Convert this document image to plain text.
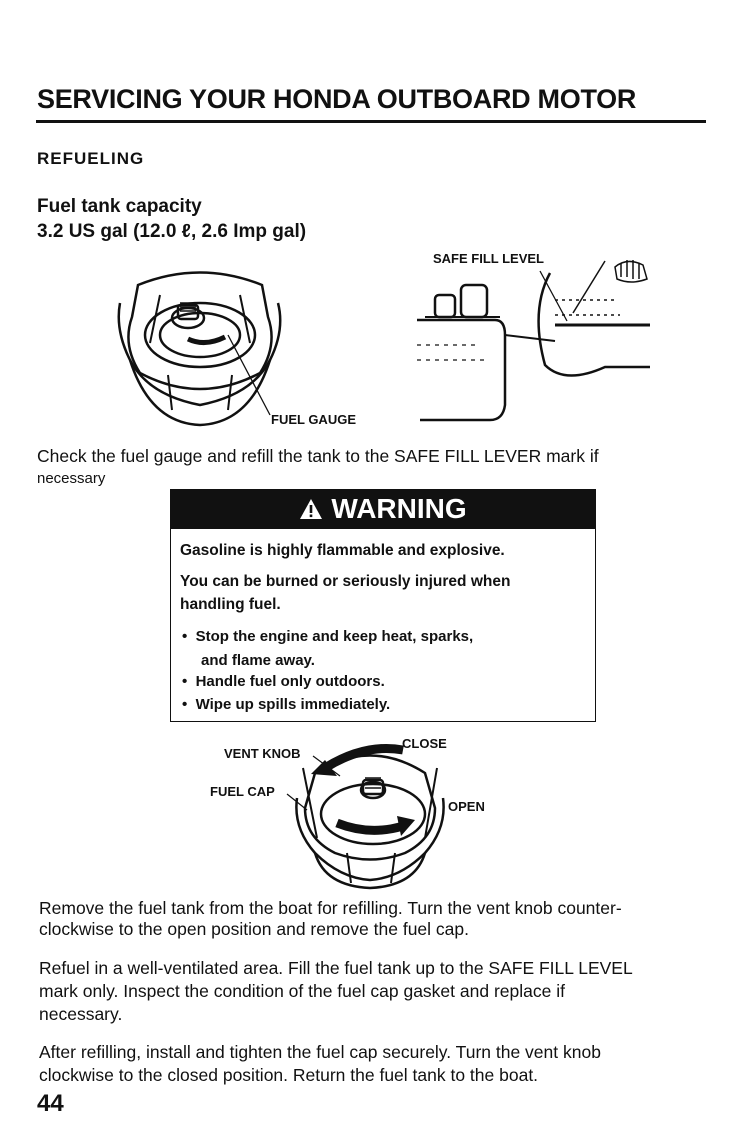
SERVICING YOUR HONDA OUTBOARD MOTOR
REFUELING
Fuel tank capacity
3.2 US gal (12.0 ℓ, 2.6 Imp gal)
FUEL GAUGE
SAFE FILL LEVEL
Check the fuel gauge and refill the tank to the SAFE FILL LEVER mark if
necessary
WARNING
Gasoline is highly flammable and explosive.
You can be burned or seriously injured when
handling fuel.
•  Stop the engine and keep heat, sparks,
and flame away.
•  Handle fuel only outdoors.
•  Wipe up spills immediately.
VENT KNOB
FUEL CAP
CLOSE
OPEN
Remove the fuel tank from the boat for refilling. Turn the vent knob counter-
clockwise to the open position and remove the fuel cap.
Refuel in a well-ventilated area. Fill the fuel tank up to the SAFE FILL LEVEL
mark only. Inspect the condition of the fuel cap gasket and replace if
necessary.
After refilling, install and tighten the fuel cap securely. Turn the vent knob
clockwise to the closed position. Return the fuel tank to the boat.
44
